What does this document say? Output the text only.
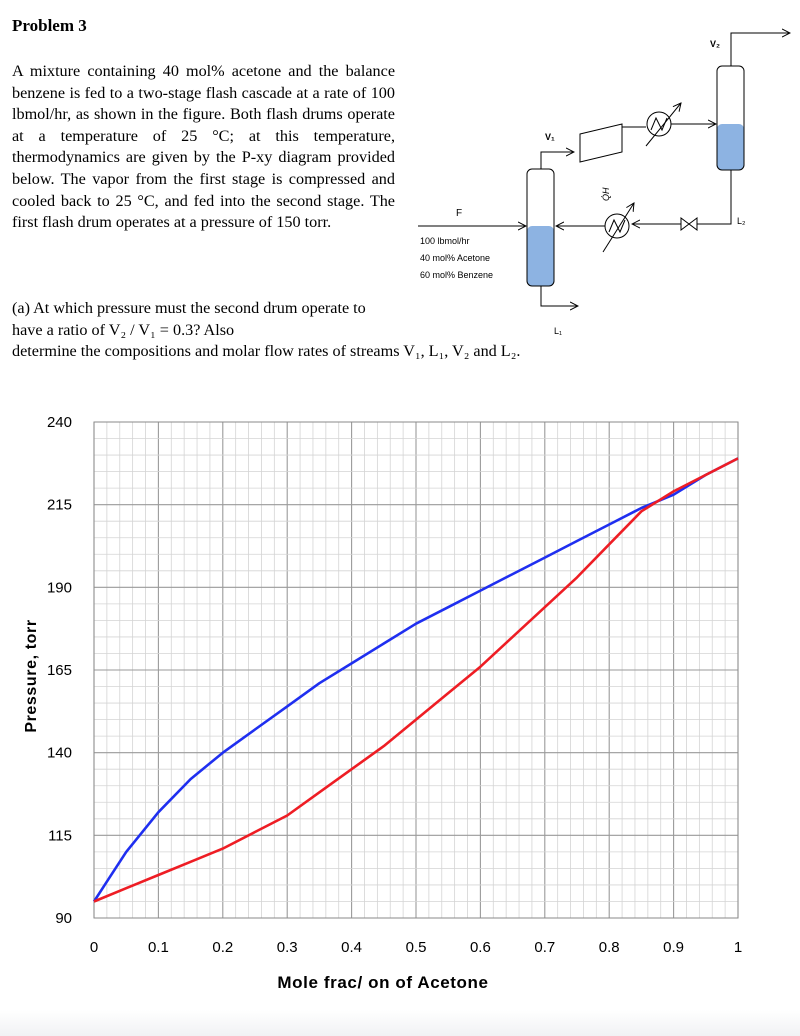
Problem 3
A mixture containing 40 mol% acetone and the balance benzene is fed to a two-stage flash cascade at a rate of 100 lbmol/hr, as shown in the figure. Both flash drums operate at a temperature of 25 °C; at this temperature, thermodynamics are given by the P-xy diagram provided below. The vapor from the first stage is compressed and cooled back to 25 °C, and fed into the second stage. The first flash drum operates at a pressure of 150 torr.
(a) At which pressure must the second drum operate to have a ratio of V₂ / V₁ = 0.3? Also
determine the compositions and molar flow rates of streams V₁, L₁, V₂ and L₂.
F
100 lbmol/hr
40 mol% Acetone
60 mol% Benzene
V₁
L₁
V₂
L₂
Q̇H
0	0.1	0.2	0.3	0.4	0.5	0.6	0.7	0.8	0.9	1
240
215
190
165
140
115
90
Mole frac/ on of Acetone
Pressure, torr
